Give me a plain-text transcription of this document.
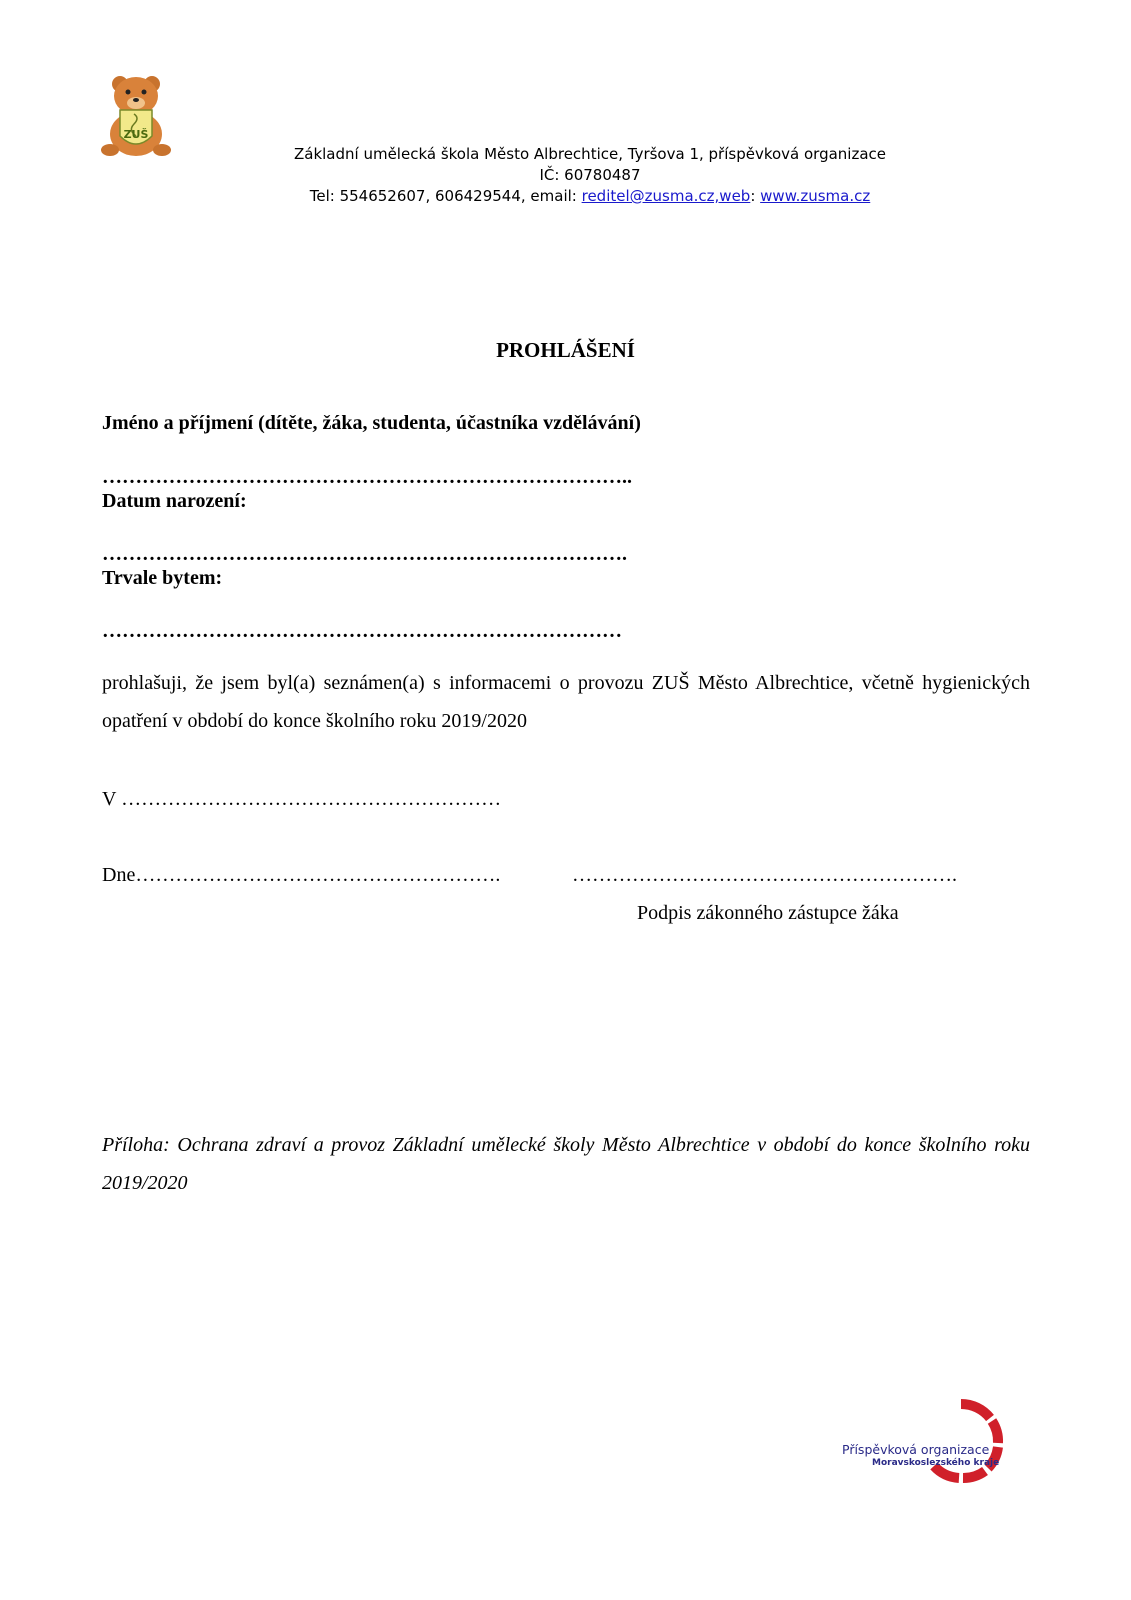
ZUŠ
Základní umělecká škola Město Albrechtice, Tyršova 1, příspěvková organizace
IČ: 60780487
Tel: 554652607, 606429544, email: reditel@zusma.cz,web: www.zusma.cz
PROHLÁŠENÍ
Jméno a příjmení (dítěte, žáka, studenta, účastníka vzdělávání)
……………………………………………………………………..
Datum narození:
…………………………………………………………………….
Trvale bytem:
……………………………………………………………………
prohlašuji, že jsem byl(a) seznámen(a) s informacemi o provozu ZUŠ Město Albrechtice, včetně hygienických opatření v období do konce školního roku 2019/2020
V …………………………………………………
Dne……………………………………………….	………………………………………………….
Podpis zákonného zástupce žáka
Příloha: Ochrana zdraví a provoz Základní umělecké školy Město Albrechtice v období do konce školního roku 2019/2020
Příspěvková organizace
Moravskoslezského kraje
